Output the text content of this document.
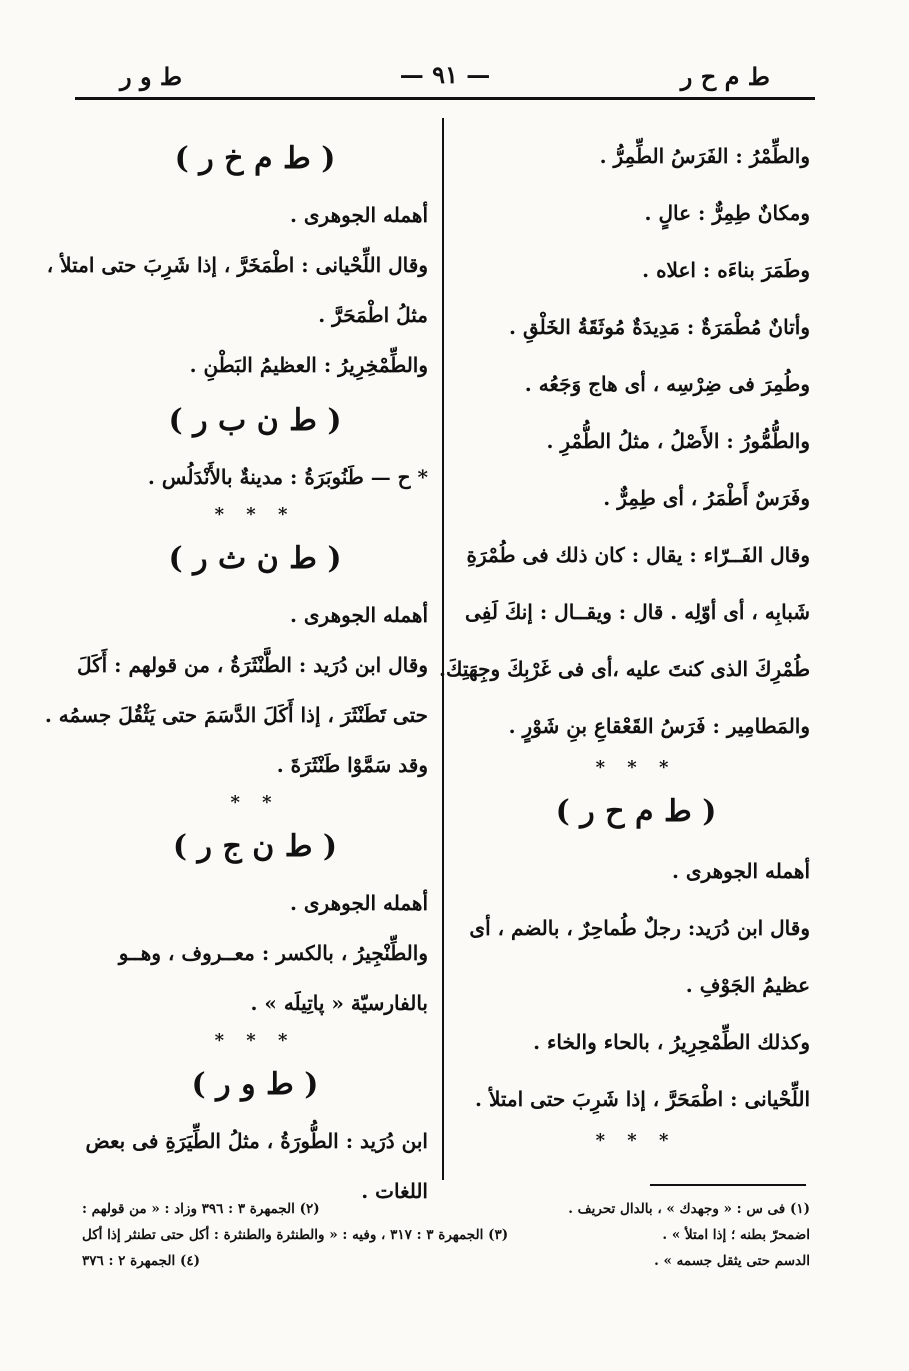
ط م ح ر
— ٩١ —
ط و ر
والطِّمْرُ : الفَرَسُ الطِّمِرُّ .
ومكانٌ طِمِرٌّ : عالٍ .
وطَمَرَ بناءَه : اعلاه .
وأتانٌ مُطْمَرَةٌ : مَدِيدَةٌ مُوثَقَةُ الخَلْقِ .
وطُمِرَ فى ضِرْسِه ، أى هاج وَجَعُه .
والطُّمُّورُ : الأَصْلُ ، مثلُ الطُّمْرِ .
وفَرَسٌ أَطْمَرُ ، أى طِمِرٌّ .
وقال الفَــرّاء : يقال : كان ذلك فى طُمْرَةِ
شَبابِه ، أى أوّلِه . قال : ويقــال : إنكَ لَفِى
طُمْرِكَ الذى كنتَ عليه ،أى فى غَرْبِكَ وجِهَتِكَ.
والمَطامِير : فَرَسُ القَعْقاعِ بنِ شَوْرٍ .
* * *
( ط م ح ر )
أهمله الجوهرى .
وقال ابن دُرَيد: رجلٌ طُماحِرٌ ، بالضم ، أى
عظيمُ الجَوْفِ .
وكذلك الطِّمْحِرِيرُ ، بالحاء والخاء .
اللِّحْيانى : اطْمَحَرَّ ، إذا شَرِبَ حتى امتلأ .
* * *
( ط م خ ر )
أهمله الجوهرى .
وقال اللِّحْيانى : اطْمَخَرَّ ، إذا شَرِبَ حتى امتلأ ،
مثلُ اطْمَحَرَّ .
والطِّمْخِرِيرُ : العظيمُ البَطْنِ .
( ط ن ب ر )
* ح — طَنُوبَرَةُ : مدينةٌ بالأَنْدَلُس .
* * *
( ط ن ث ر )
أهمله الجوهرى .
وقال ابن دُرَيد : الطَّنْثَرَةُ ، من قولهم : أَكَلَ
حتى تَطَنْثَرَ ، إذا أَكَلَ الدَّسَمَ حتى يَثْقُلَ جسمُه .
وقد سَمَّوْا طَنْثَرَةَ .
* *
( ط ن ج ر )
أهمله الجوهرى .
والطِّنْجِيرُ ، بالكسر : معــروف ، وهــو
بالفارسيّة « پاتِيلَه » .
* * *
( ط و ر )
ابن دُرَيد : الطُّورَةُ ، مثلُ الطِّيَرَةِ فى بعض
اللغات .
(١) فى س : « وجهدك » ، بالدال تحريف .
(٢) الجمهرة ٣ : ٣٩٦ وزاد : « من قولهم :
اضمحرّ بطنه ؛ إذا امتلأ » .
(٣) الجمهرة ٣ : ٣١٧ ، وفيه : « والطنثرة والطنثرة : أكل حتى تطنثر إذا أكل
الدسم حتى يثقل جسمه » .
(٤) الجمهرة ٢ : ٣٧٦
